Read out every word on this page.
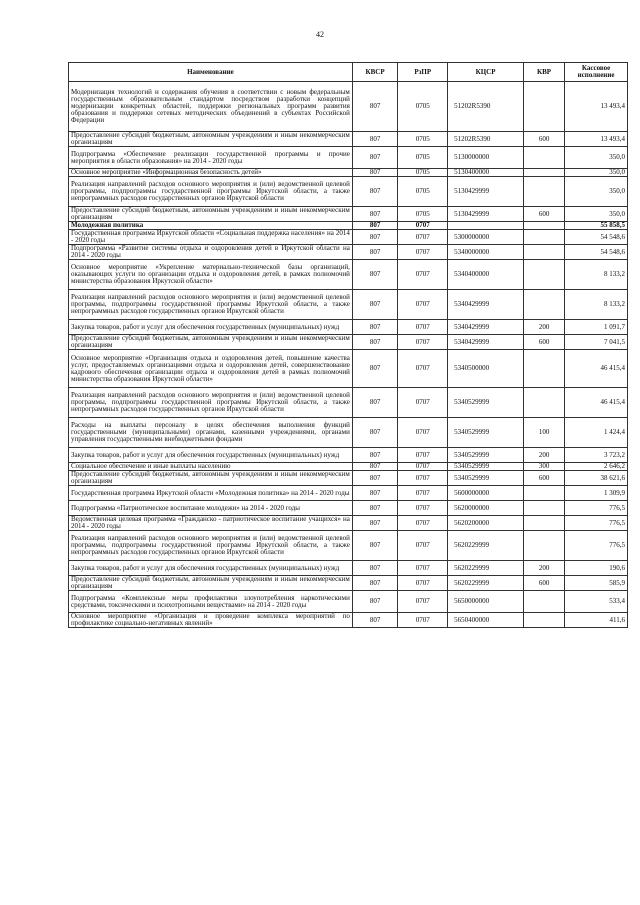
42
Наименование	КВСР	РзПР	КЦСР	КВР	Кассовое исполнение
Модернизация технологий и содержания обучения в соответствии с новым федеральным государственным образовательным стандартом посредством разработки концепций модернизации конкретных областей, поддержки региональных программ развития образования и поддержки сетевых методических объединений в субъектах Российской Федерации	807	0705	51202R5390		13 493,4
Предоставление субсидий бюджетным, автономным учреждениям и иным некоммерческим организациям	807	0705	51202R5390	600	13 493,4
Подпрограмма «Обеспечение реализации государственной программы и прочие мероприятия в области образования» на 2014 - 2020 годы	807	0705	5130000000		350,0
Основное мероприятие «Информационная безопасность детей»	807	0705	5130400000		350,0
Реализация направлений расходов основного мероприятия и (или) ведомственной целевой программы, подпрограммы государственной программы Иркутской области, а также непрограммных расходов государственных органов Иркутской области	807	0705	5130429999		350,0
Предоставление субсидий бюджетным, автономным учреждениям и иным некоммерческим организациям	807	0705	5130429999	600	350,0
Молодежная политика	807	0707			55 858,5
Государственная программа Иркутской области «Социальная поддержка населения» на 2014 - 2020 годы	807	0707	5300000000		54 548,6
Подпрограмма «Развитие системы отдыха и оздоровления детей в Иркутской области на 2014 - 2020 годы	807	0707	5340000000		54 548,6
Основное мероприятие «Укрепление материально-технической базы организаций, оказывающих услуги по организации отдыха и оздоровления детей, в рамках полномочий министерства образования Иркутской области»	807	0707	5340400000		8 133,2
Реализация направлений расходов основного мероприятия и (или) ведомственной целевой программы, подпрограммы государственной программы Иркутской области, а также непрограммных расходов государственных органов Иркутской области	807	0707	5340429999		8 133,2
Закупка товаров, работ и услуг для обеспечения государственных (муниципальных) нужд	807	0707	5340429999	200	1 091,7
Предоставление субсидий бюджетным, автономным учреждениям и иным некоммерческим организациям	807	0707	5340429999	600	7 041,5
Основное мероприятие «Организация отдыха и оздоровления детей, повышение качества услуг, предоставляемых организациями отдыха и оздоровления детей, совершенствование кадрового обеспечения организации отдыха и оздоровления детей в рамках полномочий министерства образования Иркутской области»	807	0707	5340500000		46 415,4
Реализация направлений расходов основного мероприятия и (или) ведомственной целевой программы, подпрограммы государственной программы Иркутской области, а также непрограммных расходов государственных органов Иркутской области	807	0707	5340529999		46 415,4
Расходы на выплаты персоналу в целях обеспечения выполнения функций государственными (муниципальными) органами, казенными учреждениями, органами управления государственными внебюджетными фондами	807	0707	5340529999	100	1 424,4
Закупка товаров, работ и услуг для обеспечения государственных (муниципальных) нужд	807	0707	5340529999	200	3 723,2
Социальное обеспечение и иные выплаты населению	807	0707	5340529999	300	2 646,2
Предоставление субсидий бюджетным, автономным учреждениям и иным некоммерческим организациям	807	0707	5340529999	600	38 621,6
Государственная программа Иркутской области «Молодежная политика» на 2014 - 2020 годы	807	0707	5600000000		1 309,9
Подпрограмма «Патриотическое воспитание молодежи» на 2014 - 2020 годы	807	0707	5620000000		776,5
Ведомственная целевая программа «Гражданско - патриотическое воспитание учащихся» на 2014 - 2020 годы	807	0707	5620200000		776,5
Реализация направлений расходов основного мероприятия и (или) ведомственной целевой программы, подпрограммы государственной программы Иркутской области, а также непрограммных расходов государственных органов Иркутской области	807	0707	5620229999		776,5
Закупка товаров, работ и услуг для обеспечения государственных (муниципальных) нужд	807	0707	5620229999	200	190,6
Предоставление субсидий бюджетным, автономным учреждениям и иным некоммерческим организациям	807	0707	5620229999	600	585,9
Подпрограмма «Комплексные меры профилактики злоупотребления наркотическими средствами, токсическими и психотропными веществами» на 2014 - 2020 годы	807	0707	5650000000		533,4
Основное мероприятие «Организация и проведение комплекса мероприятий по профилактике социально-негативных явлений»	807	0707	5650400000		411,6
